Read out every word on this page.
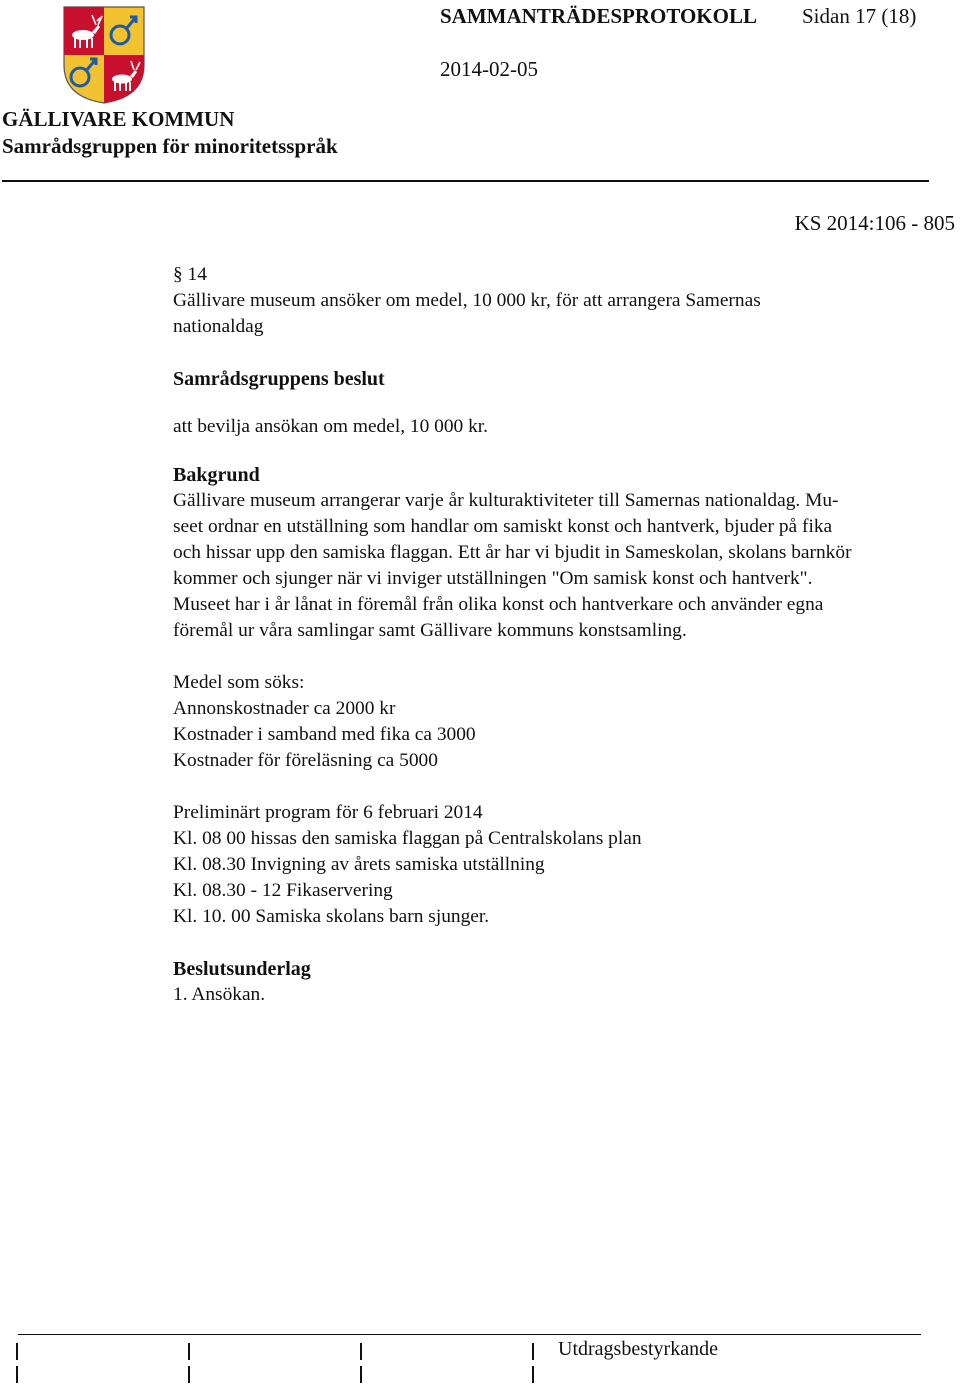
SAMMANTRÄDESPROTOKOLL Sidan 17 (18)
2014-02-05
GÄLLIVARE KOMMUN
Samrådsgruppen för minoritetsspråk
KS 2014:106 - 805

§ 14

Gällivare museum ansöker om medel, 10 000 kr, för att arrangera Samernas

nationaldag

Samrådsgruppens beslut

att bevilja ansökan om medel, 10 000 kr.

Bakgrund

Gällivare museum arrangerar varje år kulturaktiviteter till Samernas nationaldag. Mu-

seet ordnar en utställning som handlar om samiskt konst och hantverk, bjuder på fika

och hissar upp den samiska flaggan. Ett år har vi bjudit in Sameskolan, skolans barnkör

kommer och sjunger när vi inviger utställningen "Om samisk konst och hantverk".

Museet har i år lånat in föremål från olika konst och hantverkare och använder egna

föremål ur våra samlingar samt Gällivare kommuns konstsamling.

Medel som söks:

Annonskostnader ca 2000 kr

Kostnader i samband med fika ca 3000

Kostnader för föreläsning ca 5000

Preliminärt program för 6 februari 2014

Kl. 08 00 hissas den samiska flaggan på Centralskolans plan

Kl. 08.30 Invigning av årets samiska utställning

Kl. 08.30 - 12 Fikaservering

Kl. 10. 00 Samiska skolans barn sjunger.

Beslutsunderlag

1. Ansökan.

Utdragsbestyrkande
